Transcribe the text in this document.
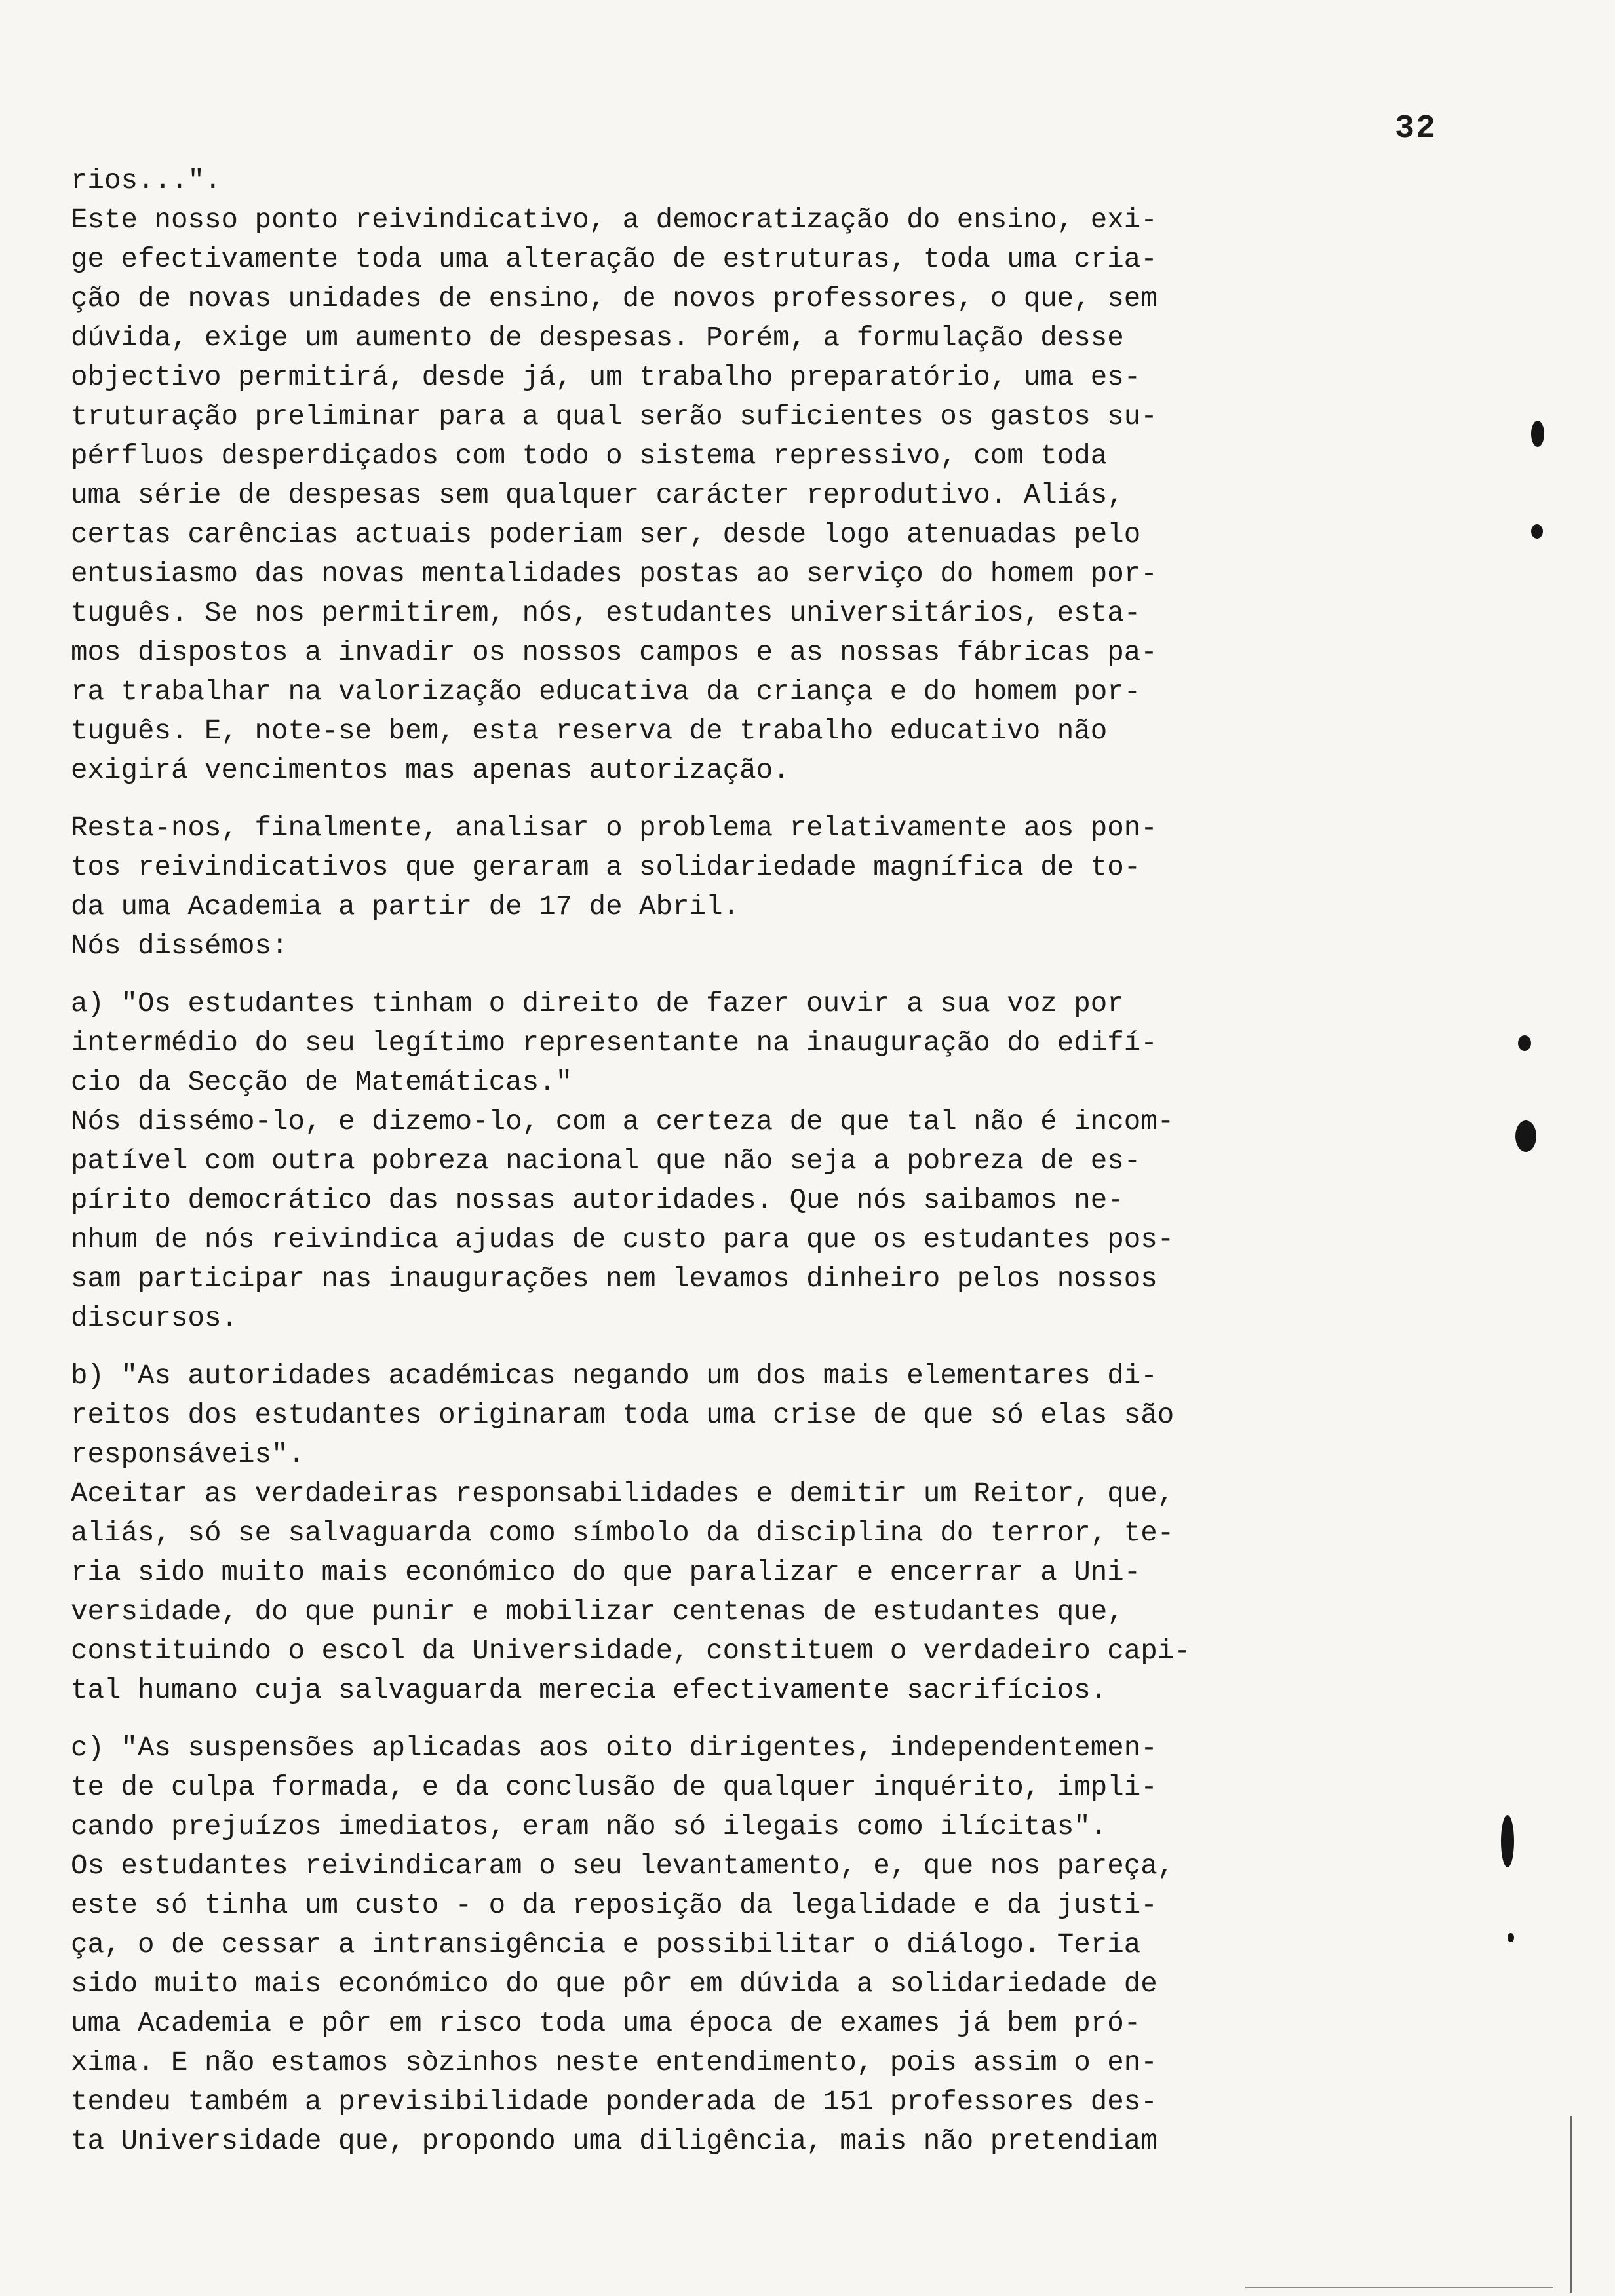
32
rios...".
Este nosso ponto reivindicativo, a democratização do ensino, exi-
ge efectivamente toda uma alteração de estruturas, toda uma cria-
ção de novas unidades de ensino, de novos professores, o que, sem
dúvida, exige um aumento de despesas. Porém, a formulação desse
objectivo permitirá, desde já, um trabalho preparatório, uma es-
truturação preliminar para a qual serão suficientes os gastos su-
pérfluos desperdiçados com todo o sistema repressivo, com toda
uma série de despesas sem qualquer carácter reprodutivo. Aliás,
certas carências actuais poderiam ser, desde logo atenuadas pelo
entusiasmo das novas mentalidades postas ao serviço do homem por-
tuguês. Se nos permitirem, nós, estudantes universitários, esta-
mos dispostos a invadir os nossos campos e as nossas fábricas pa-
ra trabalhar na valorização educativa da criança e do homem por-
tuguês. E, note-se bem, esta reserva de trabalho educativo não
exigirá vencimentos mas apenas autorização.
Resta-nos, finalmente, analisar o problema relativamente aos pon-
tos reivindicativos que geraram a solidariedade magnífica de to-
da uma Academia a partir de 17 de Abril.
Nós dissémos:
a) "Os estudantes tinham o direito de fazer ouvir a sua voz por
intermédio do seu legítimo representante na inauguração do edifí-
cio da Secção de Matemáticas."
Nós dissémo-lo, e dizemo-lo, com a certeza de que tal não é incom-
patível com outra pobreza nacional que não seja a pobreza de es-
pírito democrático das nossas autoridades. Que nós saibamos ne-
nhum de nós reivindica ajudas de custo para que os estudantes pos-
sam participar nas inaugurações nem levamos dinheiro pelos nossos
discursos.
b) "As autoridades académicas negando um dos mais elementares di-
reitos dos estudantes originaram toda uma crise de que só elas são
responsáveis".
Aceitar as verdadeiras responsabilidades e demitir um Reitor, que,
aliás, só se salvaguarda como símbolo da disciplina do terror, te-
ria sido muito mais económico do que paralizar e encerrar a Uni-
versidade, do que punir e mobilizar centenas de estudantes que,
constituindo o escol da Universidade, constituem o verdadeiro capi-
tal humano cuja salvaguarda merecia efectivamente sacrifícios.
c) "As suspensões aplicadas aos oito dirigentes, independentemen-
te de culpa formada, e da conclusão de qualquer inquérito, impli-
cando prejuízos imediatos, eram não só ilegais como ilícitas".
Os estudantes reivindicaram o seu levantamento, e, que nos pareça,
este só tinha um custo - o da reposição da legalidade e da justi-
ça, o de cessar a intransigência e possibilitar o diálogo. Teria
sido muito mais económico do que pôr em dúvida a solidariedade de
uma Academia e pôr em risco toda uma época de exames já bem pró-
xima. E não estamos sòzinhos neste entendimento, pois assim o en-
tendeu também a previsibilidade ponderada de 151 professores des-
ta Universidade que, propondo uma diligência, mais não pretendiam
